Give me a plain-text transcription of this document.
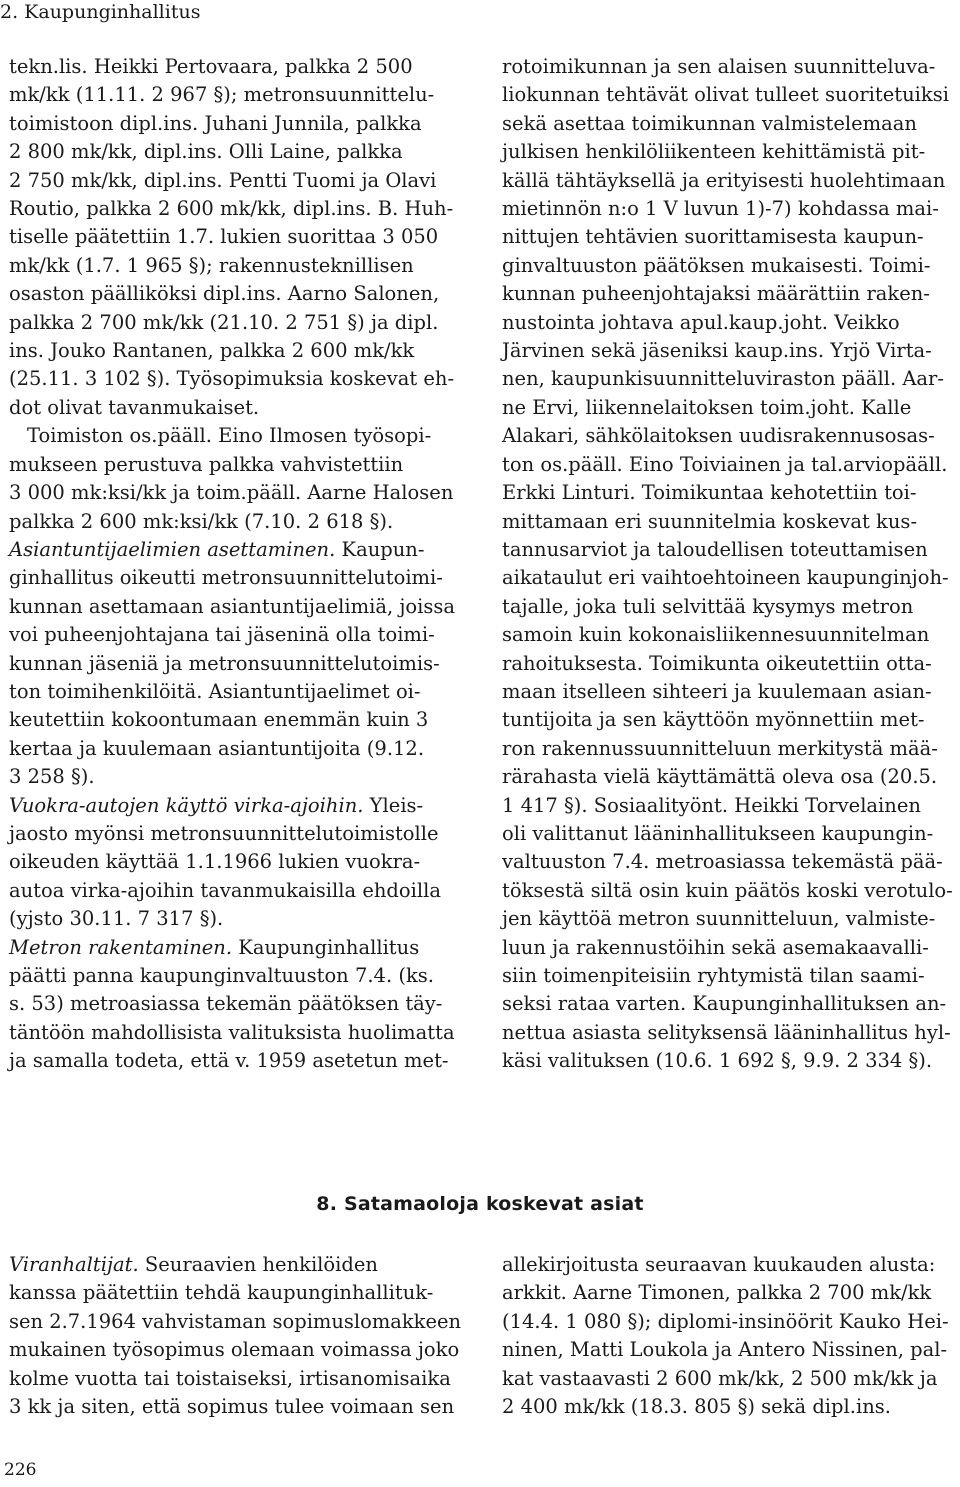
2. Kaupunginhallitus
tekn.lis. Heikki Pertovaara, palkka 2 500
mk/kk (11.11. 2 967 §); metronsuunnittelu-
toimistoon dipl.ins. Juhani Junnila, palkka
2 800 mk/kk, dipl.ins. Olli Laine, palkka
2 750 mk/kk, dipl.ins. Pentti Tuomi ja Olavi
Routio, palkka 2 600 mk/kk, dipl.ins. B. Huh-
tiselle päätettiin 1.7. lukien suorittaa 3 050
mk/kk (1.7. 1 965 §); rakennusteknillisen
osaston päälliköksi dipl.ins. Aarno Salonen,
palkka 2 700 mk/kk (21.10. 2 751 §) ja dipl.
ins. Jouko Rantanen, palkka 2 600 mk/kk
(25.11. 3 102 §). Työsopimuksia koskevat eh-
dot olivat tavanmukaiset.
Toimiston os.pääll. Eino Ilmosen työsopi-
mukseen perustuva palkka vahvistettiin
3 000 mk:ksi/kk ja toim.pääll. Aarne Halosen
palkka 2 600 mk:ksi/kk (7.10. 2 618 §).
Asiantuntijaelimien asettaminen. Kaupun-
ginhallitus oikeutti metronsuunnittelutoimi-
kunnan asettamaan asiantuntijaelimiä, joissa
voi puheenjohtajana tai jäseninä olla toimi-
kunnan jäseniä ja metronsuunnittelutoimis-
ton toimihenkilöitä. Asiantuntijaelimet oi-
keutettiin kokoontumaan enemmän kuin 3
kertaa ja kuulemaan asiantuntijoita (9.12.
3 258 §).
Vuokra-autojen käyttö virka-ajoihin. Yleis-
jaosto myönsi metronsuunnittelutoimistolle
oikeuden käyttää 1.1.1966 lukien vuokra-
autoa virka-ajoihin tavanmukaisilla ehdoilla
(yjsto 30.11. 7 317 §).
Metron rakentaminen. Kaupunginhallitus
päätti panna kaupunginvaltuuston 7.4. (ks.
s. 53) metroasiassa tekemän päätöksen täy-
täntöön mahdollisista valituksista huolimatta
ja samalla todeta, että v. 1959 asetetun met-
rotoimikunnan ja sen alaisen suunnitteluva-
liokunnan tehtävät olivat tulleet suoritetuiksi
sekä asettaa toimikunnan valmistelemaan
julkisen henkilöliikenteen kehittämistä pit-
källä tähtäyksellä ja erityisesti huolehtimaan
mietinnön n:o 1 V luvun 1)-7) kohdassa mai-
nittujen tehtävien suorittamisesta kaupun-
ginvaltuuston päätöksen mukaisesti. Toimi-
kunnan puheenjohtajaksi määrättiin raken-
nustointa johtava apul.kaup.joht. Veikko
Järvinen sekä jäseniksi kaup.ins. Yrjö Virta-
nen, kaupunkisuunnitteluviraston pääll. Aar-
ne Ervi, liikennelaitoksen toim.joht. Kalle
Alakari, sähkölaitoksen uudisrakennusosas-
ton os.pääll. Eino Toiviainen ja tal.arviopääll.
Erkki Linturi. Toimikuntaa kehotettiin toi-
mittamaan eri suunnitelmia koskevat kus-
tannusarviot ja taloudellisen toteuttamisen
aikataulut eri vaihtoehtoineen kaupunginjoh-
tajalle, joka tuli selvittää kysymys metron
samoin kuin kokonaisliikennesuunnitelman
rahoituksesta. Toimikunta oikeutettiin otta-
maan itselleen sihteeri ja kuulemaan asian-
tuntijoita ja sen käyttöön myönnettiin met-
ron rakennussuunnitteluun merkitystä mää-
rärahasta vielä käyttämättä oleva osa (20.5.
1 417 §). Sosiaalityönt. Heikki Torvelainen
oli valittanut lääninhallitukseen kaupungin-
valtuuston 7.4. metroasiassa tekemästä pää-
töksestä siltä osin kuin päätös koski verotulo-
jen käyttöä metron suunnitteluun, valmiste-
luun ja rakennustöihin sekä asemakaavalli-
siin toimenpiteisiin ryhtymistä tilan saami-
seksi rataa varten. Kaupunginhallituksen an-
nettua asiasta selityksensä lääninhallitus hyl-
käsi valituksen (10.6. 1 692 §, 9.9. 2 334 §).
8. Satamaoloja koskevat asiat
Viranhaltijat. Seuraavien henkilöiden
kanssa päätettiin tehdä kaupunginhallituk-
sen 2.7.1964 vahvistaman sopimuslomakkeen
mukainen työsopimus olemaan voimassa joko
kolme vuotta tai toistaiseksi, irtisanomisaika
3 kk ja siten, että sopimus tulee voimaan sen
allekirjoitusta seuraavan kuukauden alusta:
arkkit. Aarne Timonen, palkka 2 700 mk/kk
(14.4. 1 080 §); diplomi-insinöörit Kauko Hei-
ninen, Matti Loukola ja Antero Nissinen, pal-
kat vastaavasti 2 600 mk/kk, 2 500 mk/kk ja
2 400 mk/kk (18.3. 805 §) sekä dipl.ins.
226
